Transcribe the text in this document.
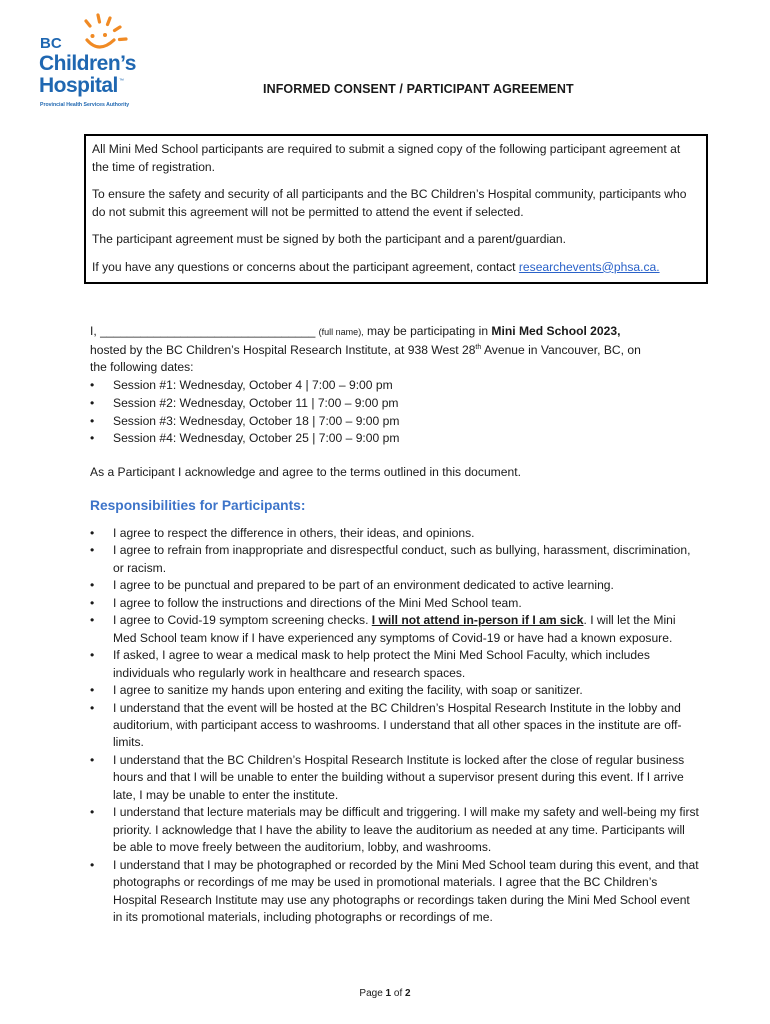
BC
Children’s
Hospital ™
Provincial Health Services Authority
INFORMED CONSENT / PARTICIPANT AGREEMENT

All Mini Med School participants are required to submit a signed copy of the following participant agreement at the time of registration.

To ensure the safety and security of all participants and the BC Children’s Hospital community, participants who do not submit this agreement will not be permitted to attend the event if selected.

The participant agreement must be signed by both the participant and a parent/guardian.

If you have any questions or concerns about the participant agreement, contact researchevents@phsa.ca.

I, ________________________________ (full name), may be participating in Mini Med School 2023,

hosted by the BC Children’s Hospital Research Institute, at 938 West 28th Avenue in Vancouver, BC, on

the following dates:

• Session #1: Wednesday, October 4 | 7:00 – 9:00 pm
• Session #2: Wednesday, October 11 | 7:00 – 9:00 pm
• Session #3: Wednesday, October 18 | 7:00 – 9:00 pm
• Session #4: Wednesday, October 25 | 7:00 – 9:00 pm
As a Participant I acknowledge and agree to the terms outlined in this document.
Responsibilities for Participants:
• I agree to respect the difference in others, their ideas, and opinions.
• I agree to refrain from inappropriate and disrespectful conduct, such as bullying, harassment, discrimination, or racism.
• I agree to be punctual and prepared to be part of an environment dedicated to active learning.
• I agree to follow the instructions and directions of the Mini Med School team.
• I agree to Covid-19 symptom screening checks. I will not attend in-person if I am sick. I will let the Mini Med School team know if I have experienced any symptoms of Covid-19 or have had a known exposure.
• If asked, I agree to wear a medical mask to help protect the Mini Med School Faculty, which includes individuals who regularly work in healthcare and research spaces.
• I agree to sanitize my hands upon entering and exiting the facility, with soap or sanitizer.
• I understand that the event will be hosted at the BC Children’s Hospital Research Institute in the lobby and auditorium, with participant access to washrooms. I understand that all other spaces in the institute are off-limits.
• I understand that the BC Children’s Hospital Research Institute is locked after the close of regular business hours and that I will be unable to enter the building without a supervisor present during this event. If I arrive late, I may be unable to enter the institute.
• I understand that lecture materials may be difficult and triggering. I will make my safety and well-being my first priority. I acknowledge that I have the ability to leave the auditorium as needed at any time. Participants will be able to move freely between the auditorium, lobby, and washrooms.
• I understand that I may be photographed or recorded by the Mini Med School team during this event, and that photographs or recordings of me may be used in promotional materials. I agree that the BC Children’s Hospital Research Institute may use any photographs or recordings taken during the Mini Med School event in its promotional materials, including photographs or recordings of me.
Page 1 of 2
